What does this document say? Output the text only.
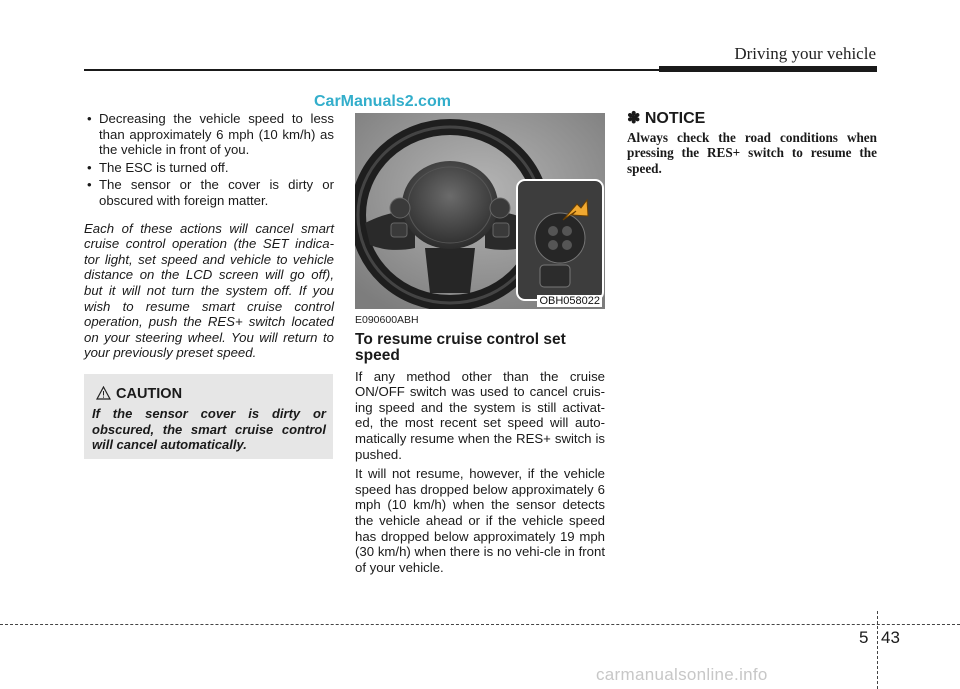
Driving your vehicle
CarManuals2.com
• Decreasing the vehicle speed to less than approximately 6 mph (10 km/h) as the vehicle in front of you.
• The ESC is turned off.
• The sensor or the cover is dirty or obscured with foreign matter.
Each of these actions will cancel smart cruise control operation (the SET indica-tor light, set speed and vehicle to vehicle distance on the LCD screen will go off), but it will not turn the system off. If you wish to resume smart cruise control operation, push the RES+ switch located on your steering wheel. You will return to your previously preset speed.
CAUTION
If the sensor cover is dirty or obscured, the smart cruise control will cancel automatically.
OBH058022
E090600ABH
To resume cruise control set speed

If any method other than the cruise ON/OFF switch was used to cancel cruis-ing speed and the system is still activat-ed, the most recent set speed will auto-matically resume when the RES+ switch is pushed.

It will not resume, however, if the vehicle speed has dropped below approximately 6 mph (10 km/h) when the sensor detects the vehicle ahead or if the vehicle speed has dropped below approximately 19 mph (30 km/h) when there is no vehi-cle in front of your vehicle.

✽ NOTICE
Always check the road conditions when pressing the RES+ switch to resume the speed.
5 43
carmanualsonline.info
